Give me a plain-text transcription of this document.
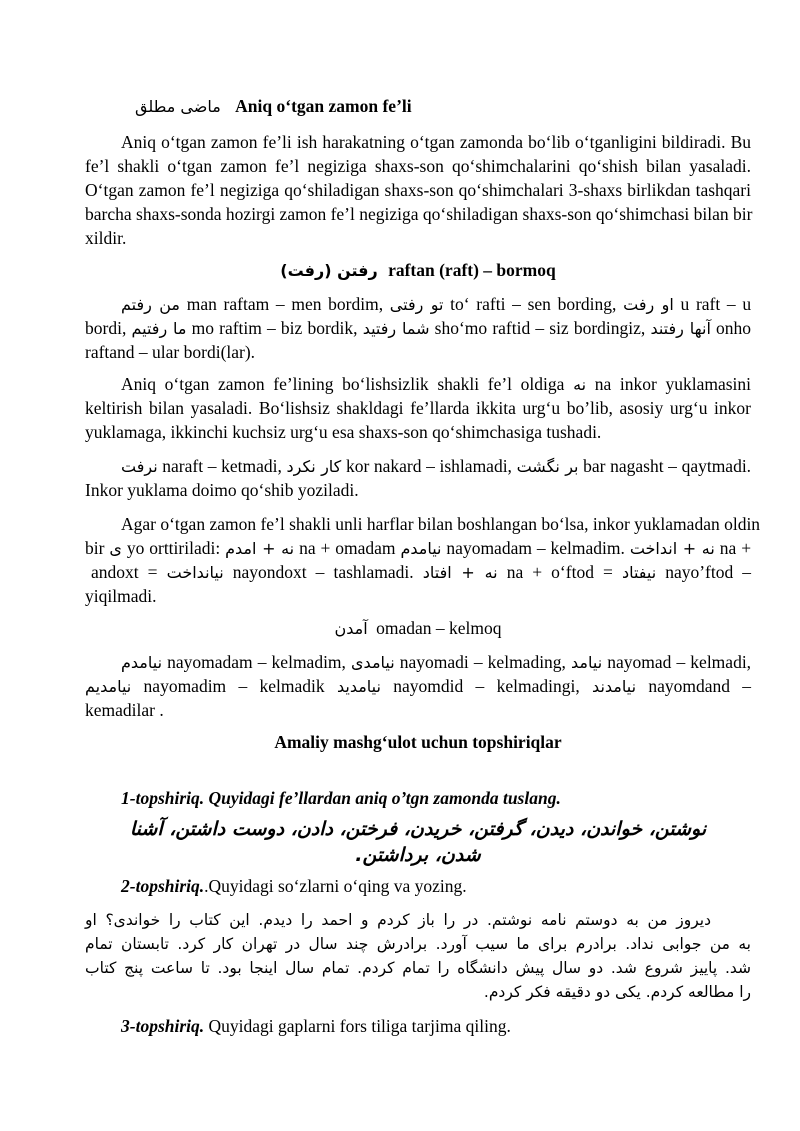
ماضی مطلق Aniq o‘tgan zamon fe’li
Aniq o‘tgan zamon fe’li ish harakatning o‘tgan zamonda bo‘lib o‘tganligini bildiradi. Bu
fe’l shakli o‘tgan zamon fe’l negiziga shaxs-son qo‘shimchalarini qo‘shish bilan yasaladi.
O‘tgan zamon fe’l negiziga qo‘shiladigan shaxs-son qo‘shimchalari 3-shaxs birlikdan tashqari
barcha shaxs-sonda hozirgi zamon fe’l negiziga qo‘shiladigan shaxs-son qo‘shimchasi bilan bir
xildir.
رفتن (رفت) raftan (raft) – bormoq
من رفتم man raftam – men bordim, تو رفتی to‘ rafti – sen bording, او رفت u raft – u
bordi, ما رفتیم mo raftim – biz bordik, شما رفتید sho‘mo raftid – siz bordingiz, آنها رفتند onho
raftand – ular bordi(lar).
Aniq o‘tgan zamon fe’lining bo‘lishsizlik shakli fe’l oldiga نه na inkor yuklamasini
keltirish bilan yasaladi. Bo‘lishsiz shakldagi fe’llarda ikkita urg‘u bo’lib, asosiy urg‘u inkor
yuklamaga, ikkinchi kuchsiz urg‘u esa shaxs-son qo‘shimchasiga tushadi.
نرفت naraft – ketmadi, کار نکرد kor nakard – ishlamadi, بر نگشت bar nagasht – qaytmadi.
Inkor yuklama doimo qo‘shib yoziladi.
Agar o‘tgan zamon fe’l shakli unli harflar bilan boshlangan bo‘lsa, inkor yuklamadan oldin
bir ی yo orttiriladi: نه + امدم na + omadam نیامدم nayomadam – kelmadim. نه + انداخت na +
andoxt = نیانداخت nayondoxt – tashlamadi. نه + افتاد na + o‘ftod = نیفتاد nayo’ftod –
yiqilmadi.
آمدن omadan – kelmoq
نیامدم nayomadam – kelmadim, نیامدی nayomadi – kelmading, نیامد nayomad – kelmadi,
نیامدیم nayomadim – kelmadik نیامدید nayomdid – kelmadingi, نیامدند nayomdand –
kemadilar .
Amaliy mashg‘ulot uchun topshiriqlar
1-topshiriq. Quyidagi fe’llardan aniq o’tgn zamonda tuslang.
نوشتن، خواندن، دیدن، گرفتن، خریدن، فرختن، دادن، دوست داشتن، آشنا
شدن، برداشتن.
2-topshiriq..Quyidagi so‘zlarni o‘qing va yozing.
دیروز من به دوستم نامه نوشتم. در را باز کردم و احمد را دیدم. این کتاب را خواندی؟ او
به من جوابی نداد. برادرم برای ما سیب آورد. برادرش چند سال در تهران کار کرد. تابستان تمام
شد. پاییز شروع شد. دو سال پیش دانشگاه را تمام کردم. تمام سال اینجا بود. تا ساعت پنج کتاب
را مطالعه کردم. یکی دو دقیقه فکر کردم.
3-topshiriq. Quyidagi gaplarni fors tiliga tarjima qiling.
